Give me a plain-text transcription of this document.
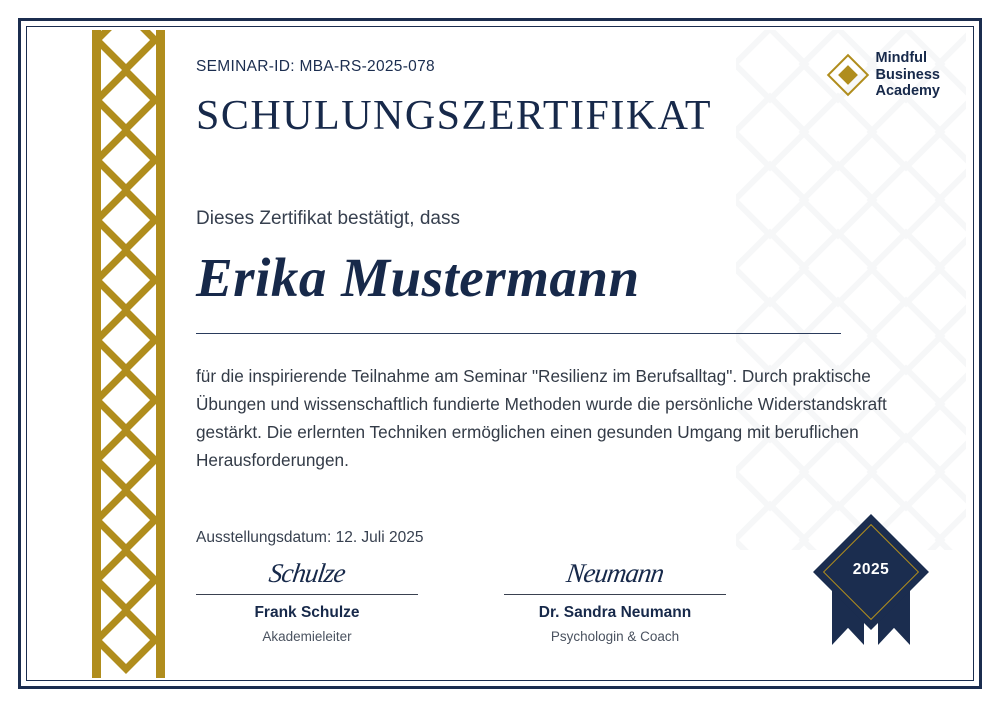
Mindful
Business
Academy
SEMINAR-ID: MBA-RS-2025-078
SCHULUNGSZERTIFIKAT
Dieses Zertifikat bestätigt, dass
Erika Mustermann
für die inspirierende Teilnahme am Seminar "Resilienz im Berufsalltag". Durch praktische Übungen und wissenschaftlich fundierte Methoden wurde die persönliche Widerstandskraft gestärkt. Die erlernten Techniken ermöglichen einen gesunden Umgang mit beruflichen Herausforderungen.
Ausstellungsdatum: 12. Juli 2025
Schulze
Frank Schulze
Akademieleiter
Neumann
Dr. Sandra Neumann
Psychologin & Coach
2025
